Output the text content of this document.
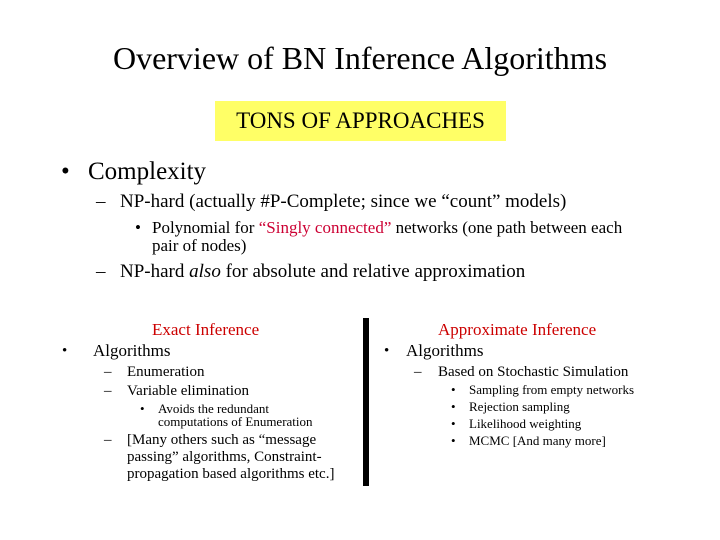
Overview of BN Inference Algorithms
TONS OF APPROACHES
• Complexity
– NP-hard (actually #P-Complete; since we “count” models)
• Polynomial for “Singly connected” networks (one path between each
pair of nodes)
– NP-hard also for absolute and relative approximation
Exact Inference
• Algorithms
– Enumeration
– Variable elimination
• Avoids the redundant
computations of Enumeration
– [Many others such as “message
passing” algorithms, Constraint-
propagation based algorithms etc.]
Approximate Inference
• Algorithms
– Based on Stochastic Simulation
• Sampling from empty networks
• Rejection sampling
• Likelihood weighting
• MCMC [And many more]
